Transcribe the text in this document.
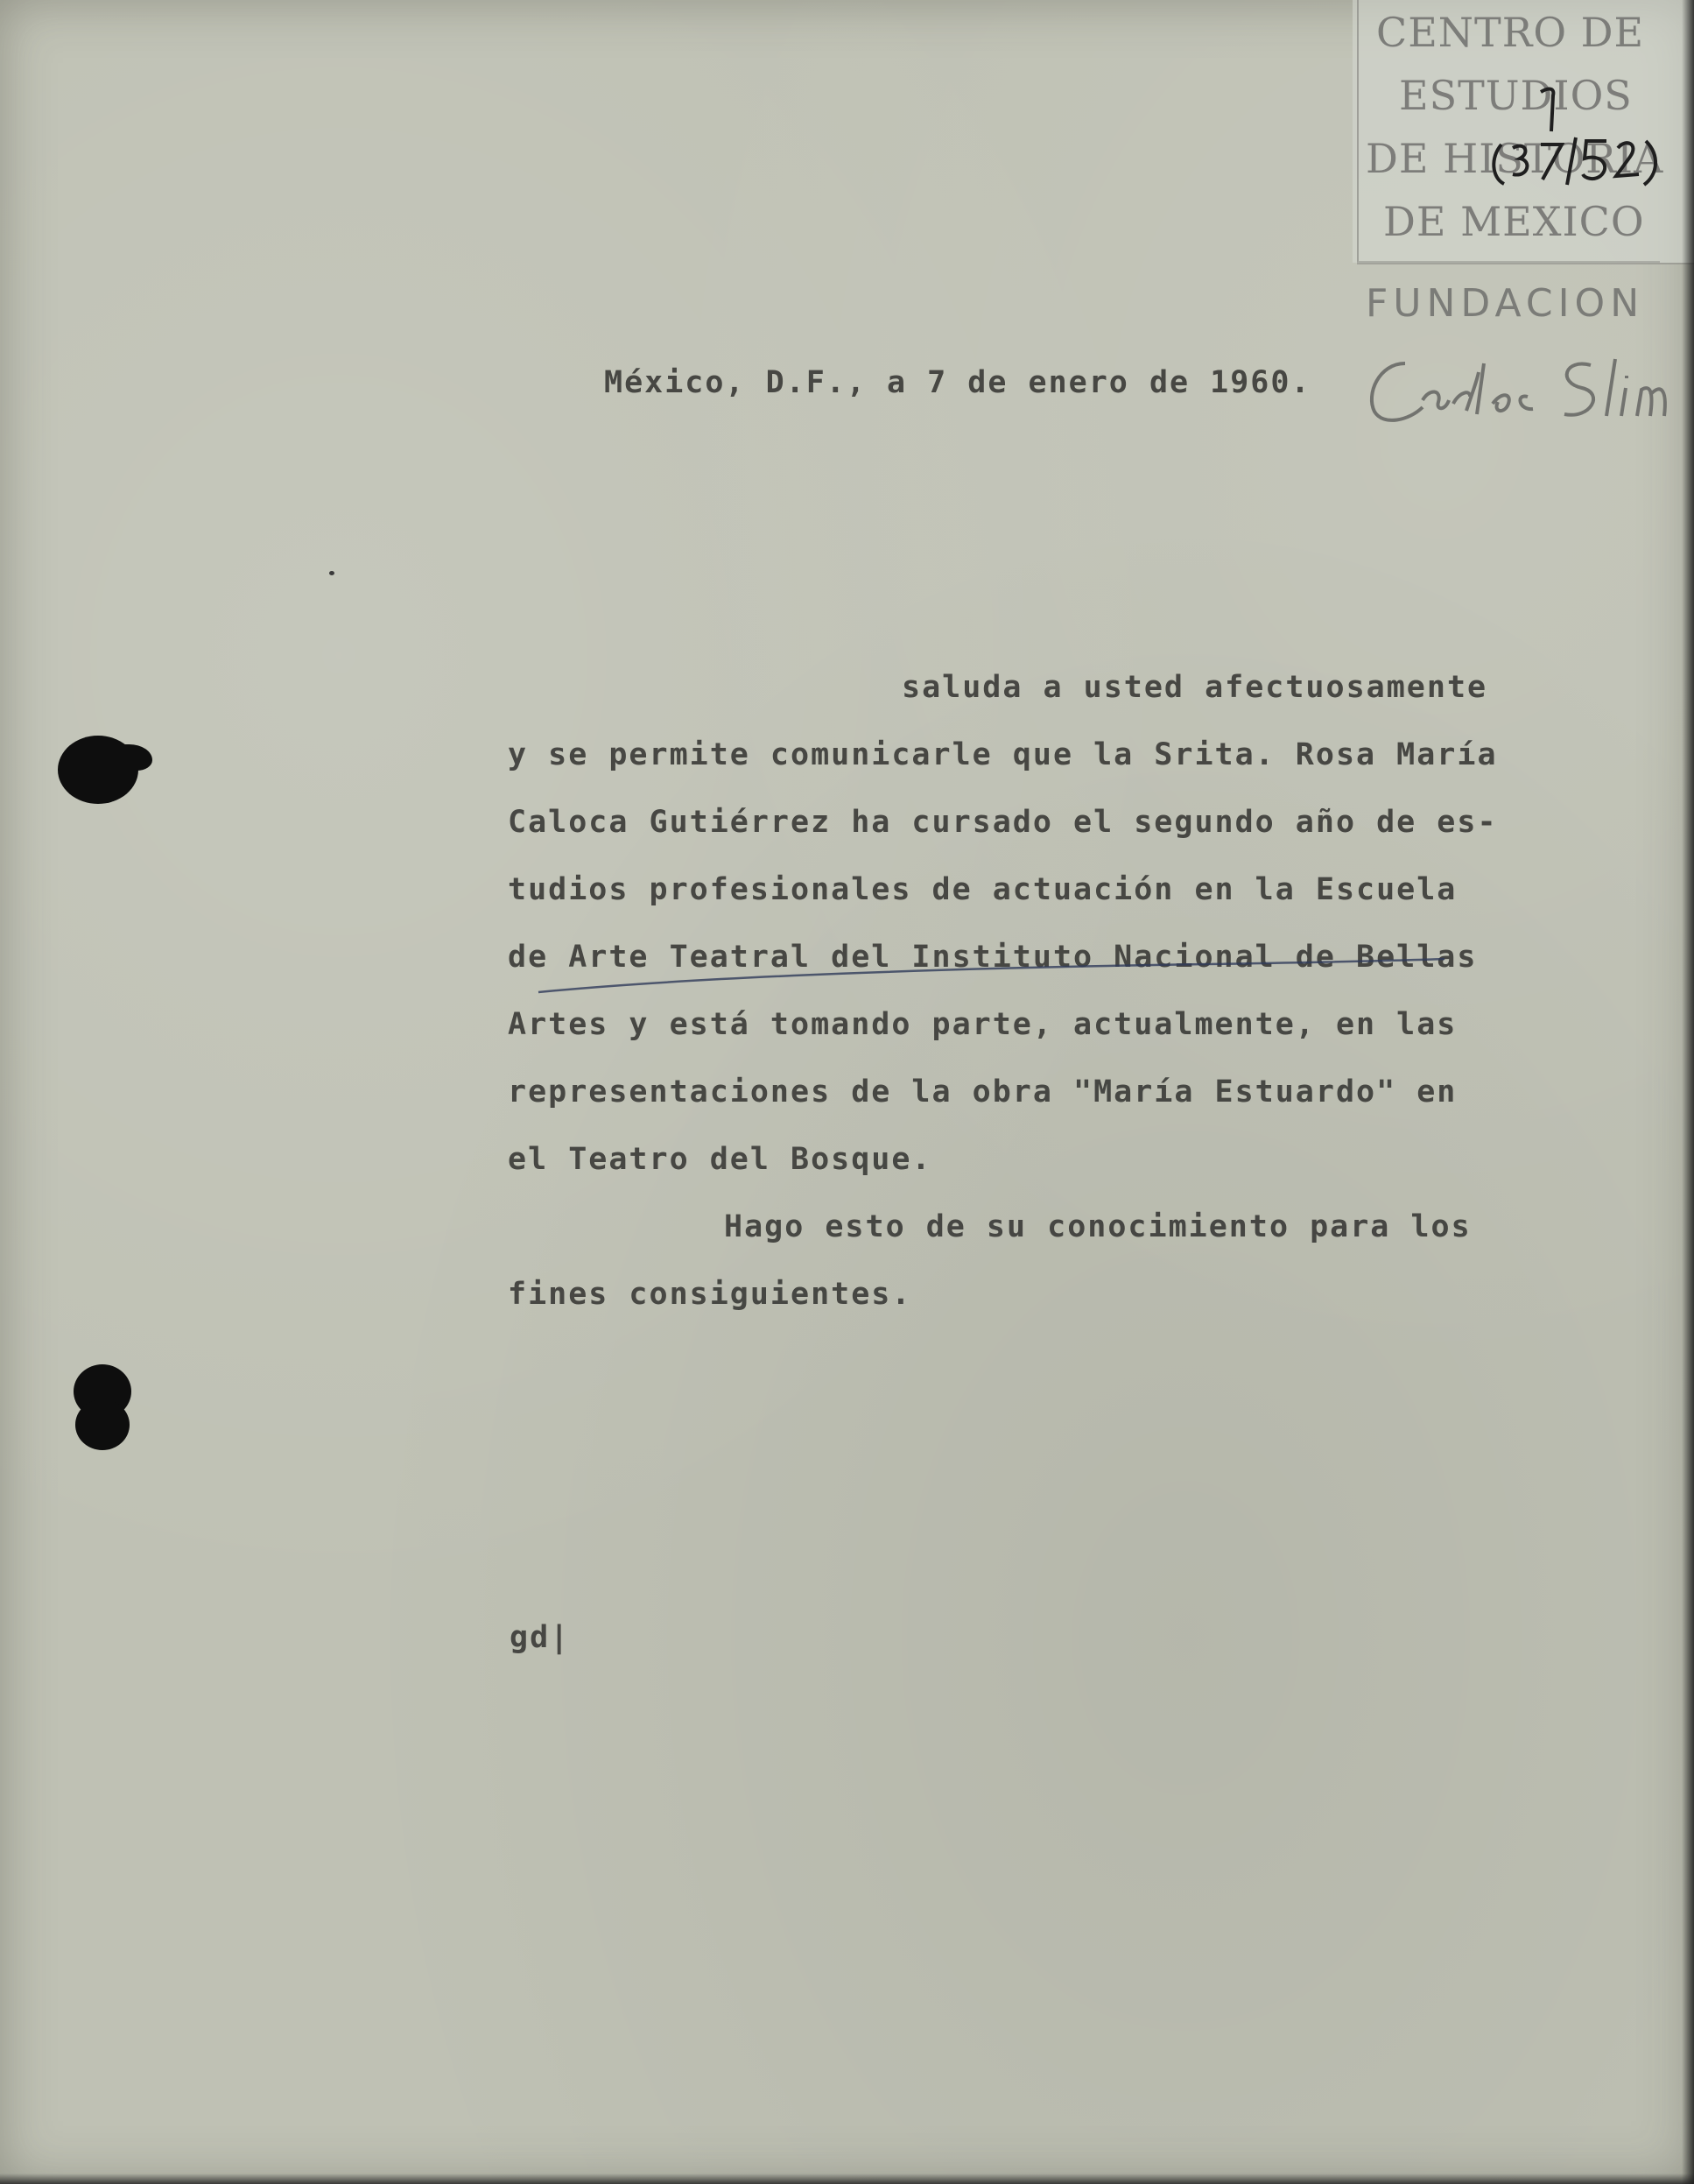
CENTRO DE
ESTUDIOS
DE HISTORIA
DE MEXICO
FUNDACION
México, D.F., a 7 de enero de 1960.
saluda a usted afectuosamente
y se permite comunicarle que la Srita. Rosa María
Caloca Gutiérrez ha cursado el segundo año de es-
tudios profesionales de actuación en la Escuela
de Arte Teatral del Instituto Nacional de Bellas
Artes y está tomando parte, actualmente, en las
representaciones de la obra "María Estuardo" en
el Teatro del Bosque.
Hago esto de su conocimiento para los
fines consiguientes.
gd|
